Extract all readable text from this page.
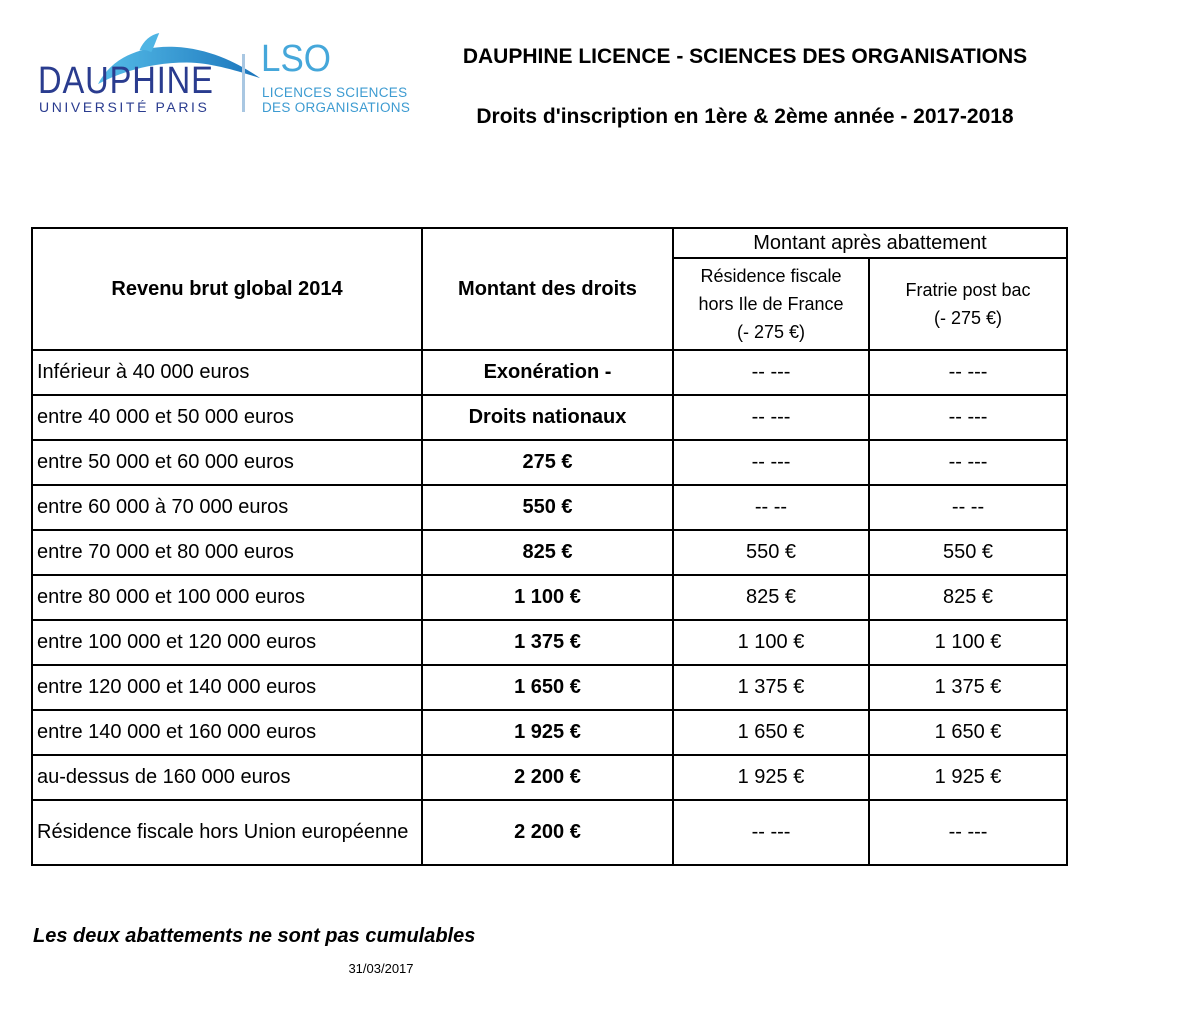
DAUPHINE
UNIVERSITÉ PARIS
LSO
LICENCES SCIENCES
DES ORGANISATIONS
DAUPHINE LICENCE - SCIENCES DES ORGANISATIONS
Droits d'inscription en 1ère & 2ème année - 2017-2018
Revenu brut global 2014	Montant des droits	Montant après abattement	

Résidence fiscale
hors Ile de France
(- 275 €)

Fratrie post bac
(- 275 €)

Inférieur à 40 000 euros	Exonération -	-- ---	-- ---
entre 40 000 et 50 000 euros	Droits nationaux	-- ---	-- ---
entre 50 000 et 60 000 euros	275 €	-- ---	-- ---
entre 60 000 à 70 000 euros	550 €	-- --	-- --
entre 70 000 et 80 000 euros	825 €	550 €	550 €
entre 80 000 et 100 000 euros	1 100 €	825 €	825 €
entre 100 000 et 120 000 euros	1 375 €	1 100 €	1 100 €
entre 120 000 et 140 000 euros	1 650 €	1 375 €	1 375 €
entre 140 000 et 160 000 euros	1 925 €	1 650 €	1 650 €
au-dessus de 160 000 euros	2 200 €	1 925 €	1 925 €
Résidence fiscale hors Union européenne	2 200 €	-- ---	-- ---
Les deux abattements ne sont pas cumulables
31/03/2017
